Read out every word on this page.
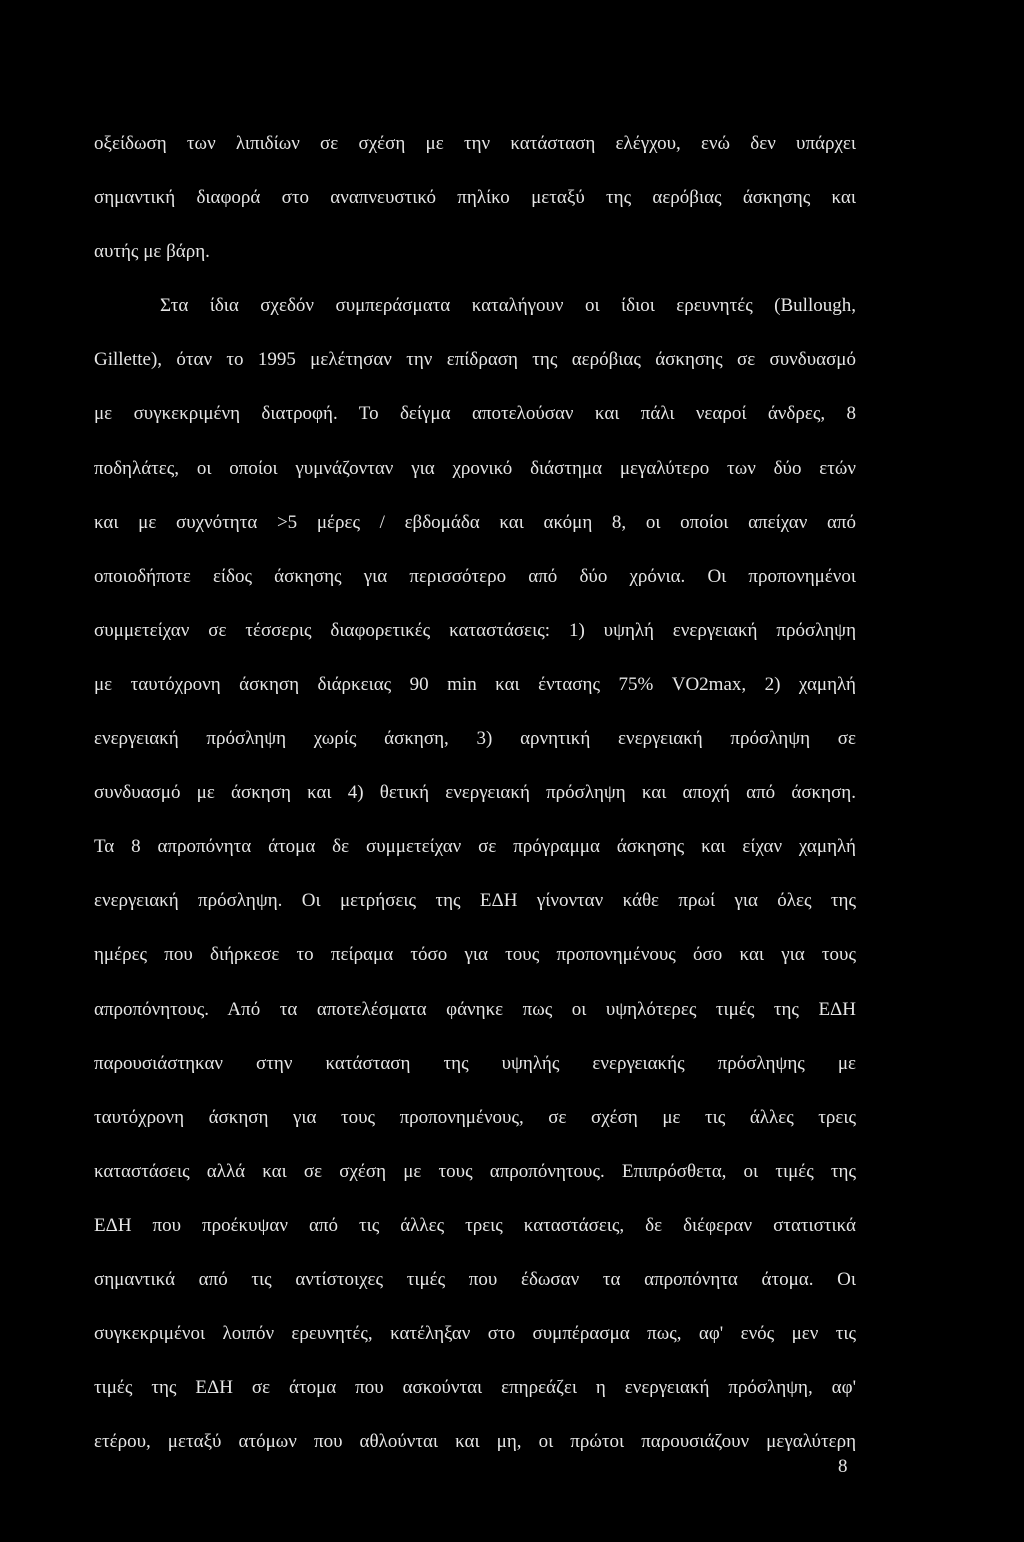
οξείδωση των λιπιδίων σε σχέση με την κατάσταση ελέγχου, ενώ δεν υπάρχει
σημαντική διαφορά στο αναπνευστικό πηλίκο μεταξύ της αερόβιας άσκησης και
αυτής με βάρη.
Στα ίδια σχεδόν συμπεράσματα καταλήγουν οι ίδιοι ερευνητές (Bullough,
Gillette), όταν το 1995 μελέτησαν την επίδραση της αερόβιας άσκησης σε συνδυασμό
με συγκεκριμένη διατροφή. Το δείγμα αποτελούσαν και πάλι νεαροί άνδρες, 8
ποδηλάτες, οι οποίοι γυμνάζονταν για χρονικό διάστημα μεγαλύτερο των δύο ετών
και με συχνότητα >5 μέρες / εβδομάδα και ακόμη 8, οι οποίοι απείχαν από
οποιοδήποτε είδος άσκησης για περισσότερο από δύο χρόνια. Οι προπονημένοι
συμμετείχαν σε τέσσερις διαφορετικές καταστάσεις: 1) υψηλή ενεργειακή πρόσληψη
με ταυτόχρονη άσκηση διάρκειας 90 min και έντασης 75% VO2max, 2) χαμηλή
ενεργειακή πρόσληψη χωρίς άσκηση, 3) αρνητική ενεργειακή πρόσληψη σε
συνδυασμό με άσκηση και 4) θετική ενεργειακή πρόσληψη και αποχή από άσκηση.
Τα 8 απροπόνητα άτομα δε συμμετείχαν σε πρόγραμμα άσκησης και είχαν χαμηλή
ενεργειακή πρόσληψη. Οι μετρήσεις της ΕΔΗ γίνονταν κάθε πρωί για όλες της
ημέρες που διήρκεσε το πείραμα τόσο για τους προπονημένους όσο και για τους
απροπόνητους. Από τα αποτελέσματα φάνηκε πως οι υψηλότερες τιμές της ΕΔΗ
παρουσιάστηκαν στην κατάσταση της υψηλής ενεργειακής πρόσληψης με
ταυτόχρονη άσκηση για τους προπονημένους, σε σχέση με τις άλλες τρεις
καταστάσεις αλλά και σε σχέση με τους απροπόνητους. Επιπρόσθετα, οι τιμές της
ΕΔΗ που προέκυψαν από τις άλλες τρεις καταστάσεις, δε διέφεραν στατιστικά
σημαντικά από τις αντίστοιχες τιμές που έδωσαν τα απροπόνητα άτομα. Οι
συγκεκριμένοι λοιπόν ερευνητές, κατέληξαν στο συμπέρασμα πως, αφ' ενός μεν τις
τιμές της ΕΔΗ σε άτομα που ασκούνται επηρεάζει η ενεργειακή πρόσληψη, αφ'
ετέρου, μεταξύ ατόμων που αθλούνται και μη, οι πρώτοι παρουσιάζουν μεγαλύτερη
8
